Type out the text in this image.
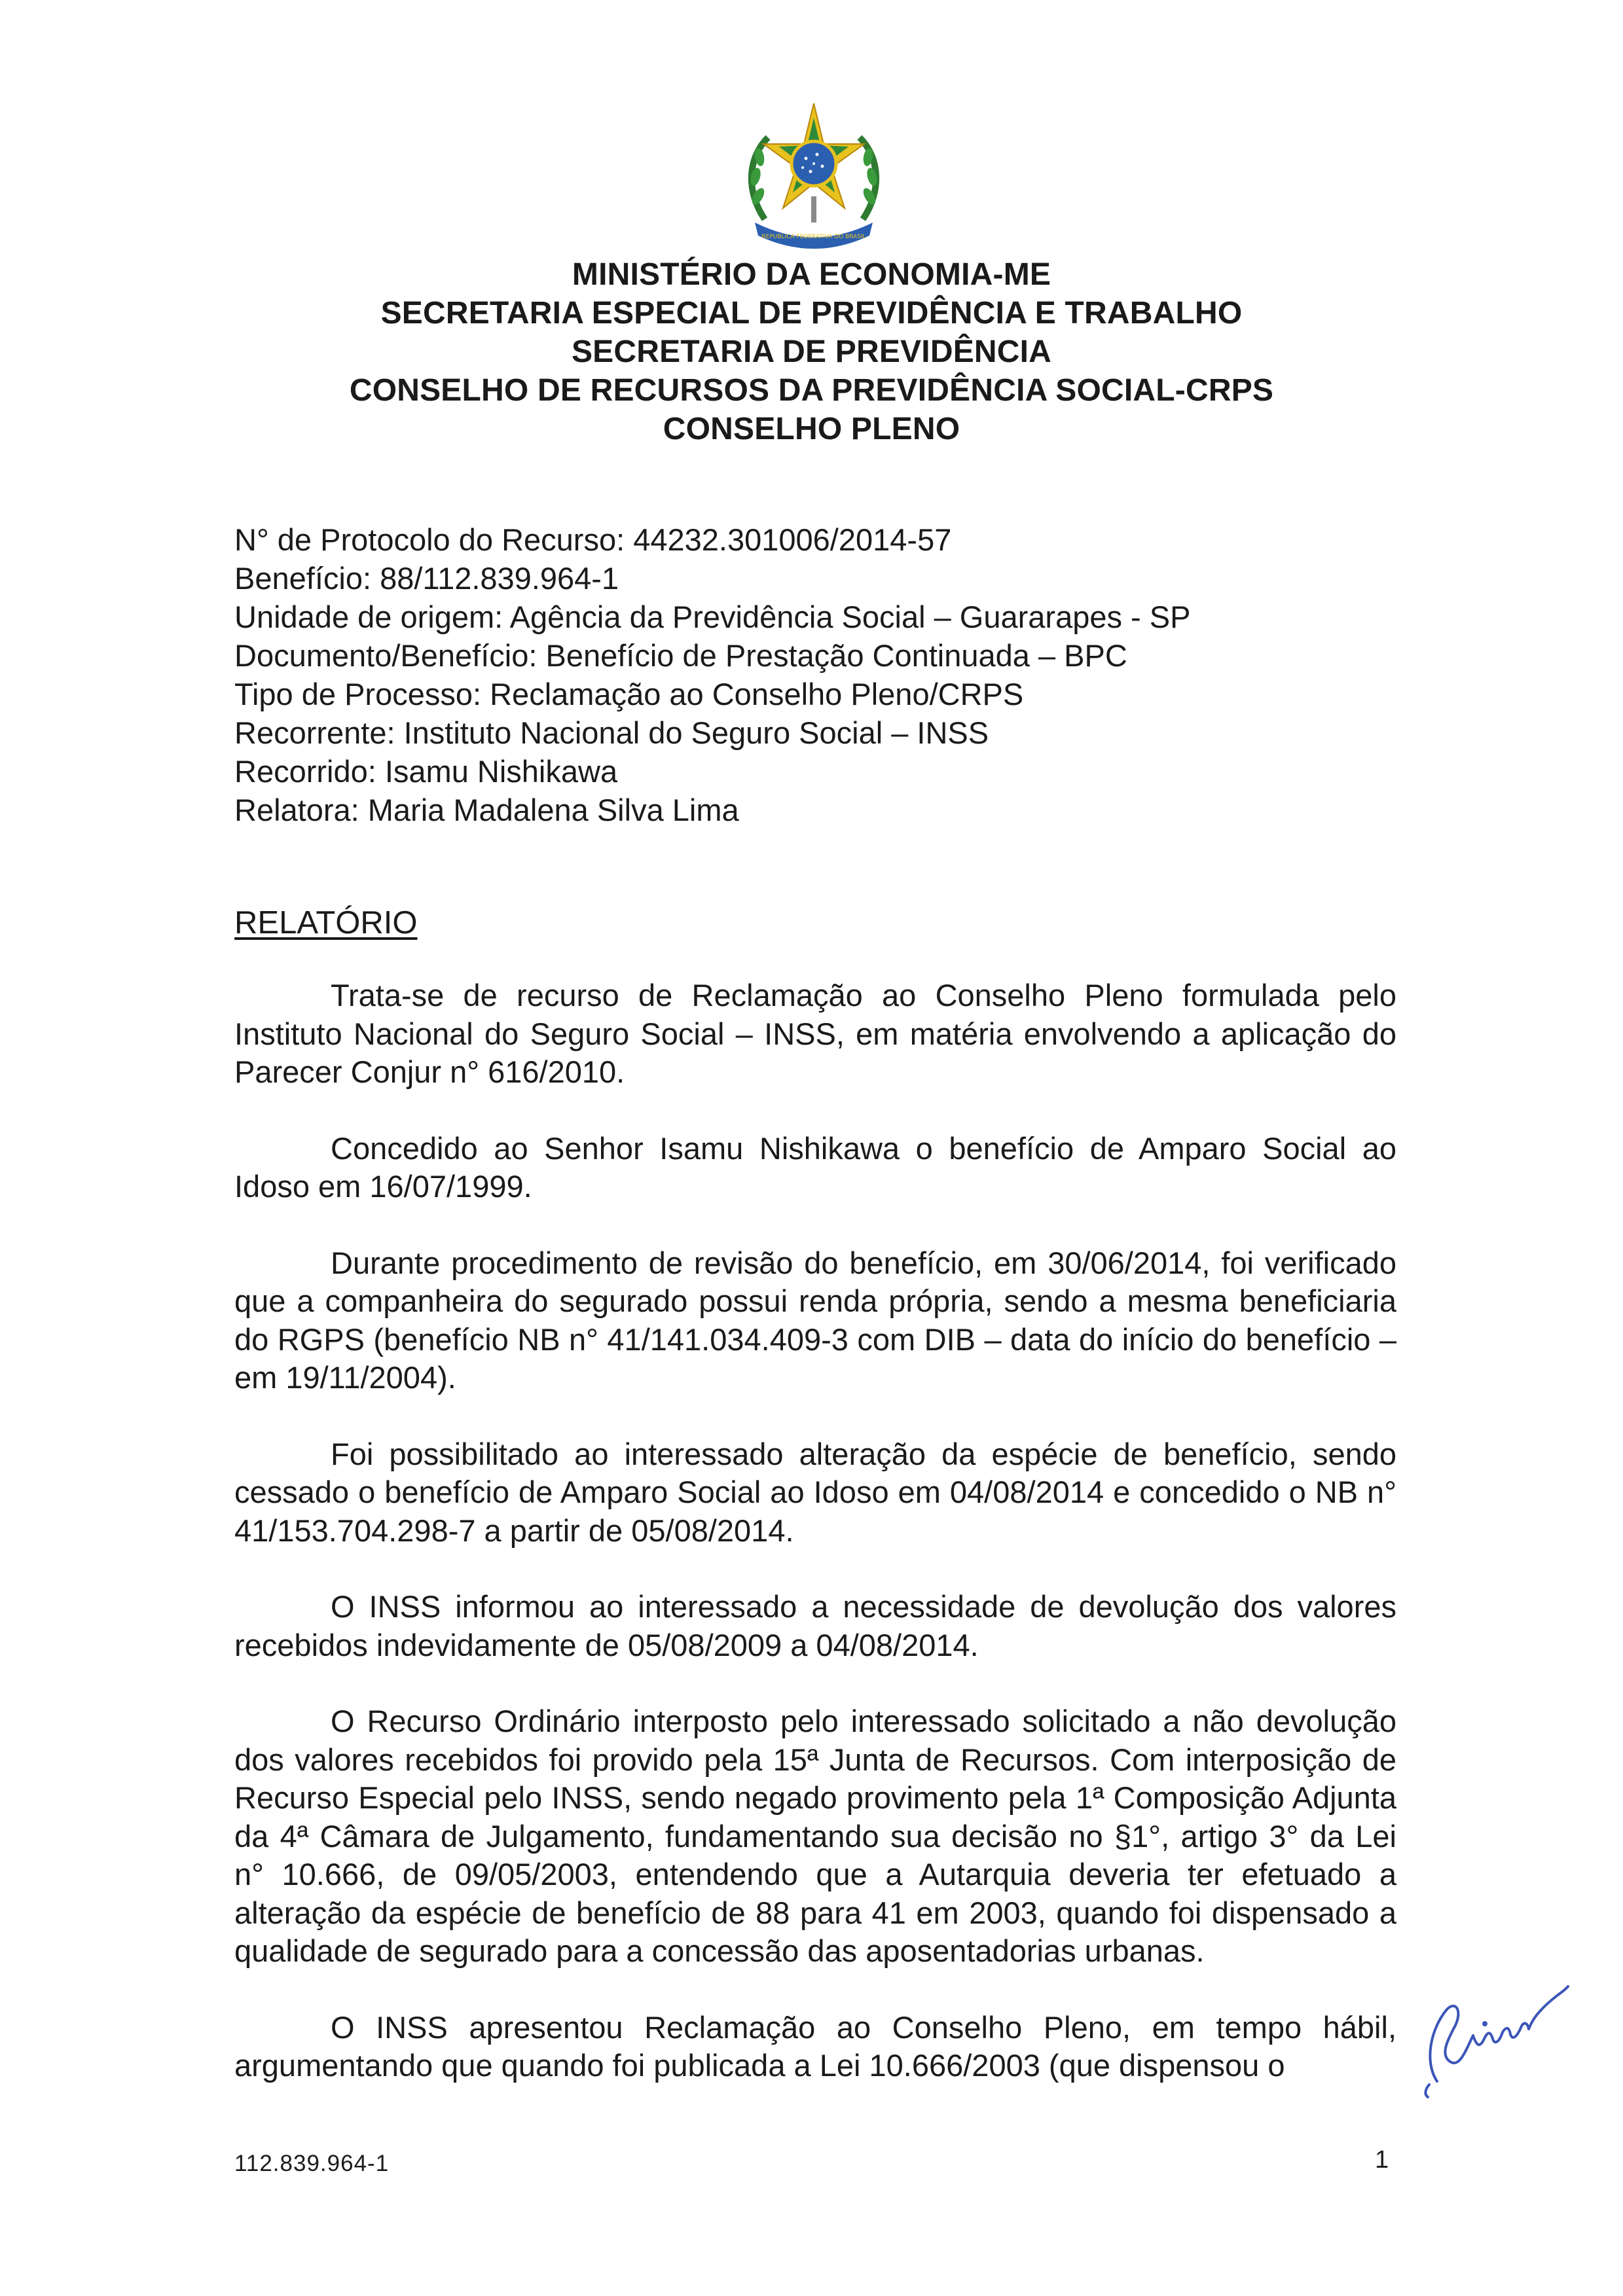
REPUBLICA FEDERATIVA DO BRASIL
MINISTÉRIO DA ECONOMIA-ME
SECRETARIA ESPECIAL DE PREVIDÊNCIA E TRABALHO
SECRETARIA DE PREVIDÊNCIA
CONSELHO DE RECURSOS DA PREVIDÊNCIA SOCIAL-CRPS
CONSELHO PLENO
N° de Protocolo do Recurso: 44232.301006/2014-57
Benefício: 88/112.839.964-1
Unidade de origem: Agência da Previdência Social – Guararapes - SP
Documento/Benefício: Benefício de Prestação Continuada – BPC
Tipo de Processo: Reclamação ao Conselho Pleno/CRPS
Recorrente: Instituto Nacional do Seguro Social – INSS
Recorrido: Isamu Nishikawa
Relatora: Maria Madalena Silva Lima
RELATÓRIO

Trata-se de recurso de Reclamação ao Conselho Pleno formulada pelo Instituto Nacional do Seguro Social – INSS, em matéria envolvendo a aplicação do Parecer Conjur n° 616/2010.

Concedido ao Senhor Isamu Nishikawa o benefício de Amparo Social ao Idoso em 16/07/1999.

Durante procedimento de revisão do benefício, em 30/06/2014, foi verificado que a companheira do segurado possui renda própria, sendo a mesma beneficiaria do RGPS (benefício NB n° 41/141.034.409-3 com DIB – data do início do benefício – em 19/11/2004).

Foi possibilitado ao interessado alteração da espécie de benefício, sendo cessado o benefício de Amparo Social ao Idoso em 04/08/2014 e concedido o NB n° 41/153.704.298-7 a partir de 05/08/2014.

O INSS informou ao interessado a necessidade de devolução dos valores recebidos indevidamente de 05/08/2009 a 04/08/2014.

O Recurso Ordinário interposto pelo interessado solicitado a não devolução dos valores recebidos foi provido pela 15ª Junta de Recursos. Com interposição de Recurso Especial pelo INSS, sendo negado provimento pela 1ª Composição Adjunta da 4ª Câmara de Julgamento, fundamentando sua decisão no §1°, artigo 3° da Lei n° 10.666, de 09/05/2003, entendendo que a Autarquia deveria ter efetuado a alteração da espécie de benefício de 88 para 41 em 2003, quando foi dispensado a qualidade de segurado para a concessão das aposentadorias urbanas.

O INSS apresentou Reclamação ao Conselho Pleno, em tempo hábil, argumentando que quando foi publicada a Lei 10.666/2003 (que dispensou o

112.839.964-1	1
